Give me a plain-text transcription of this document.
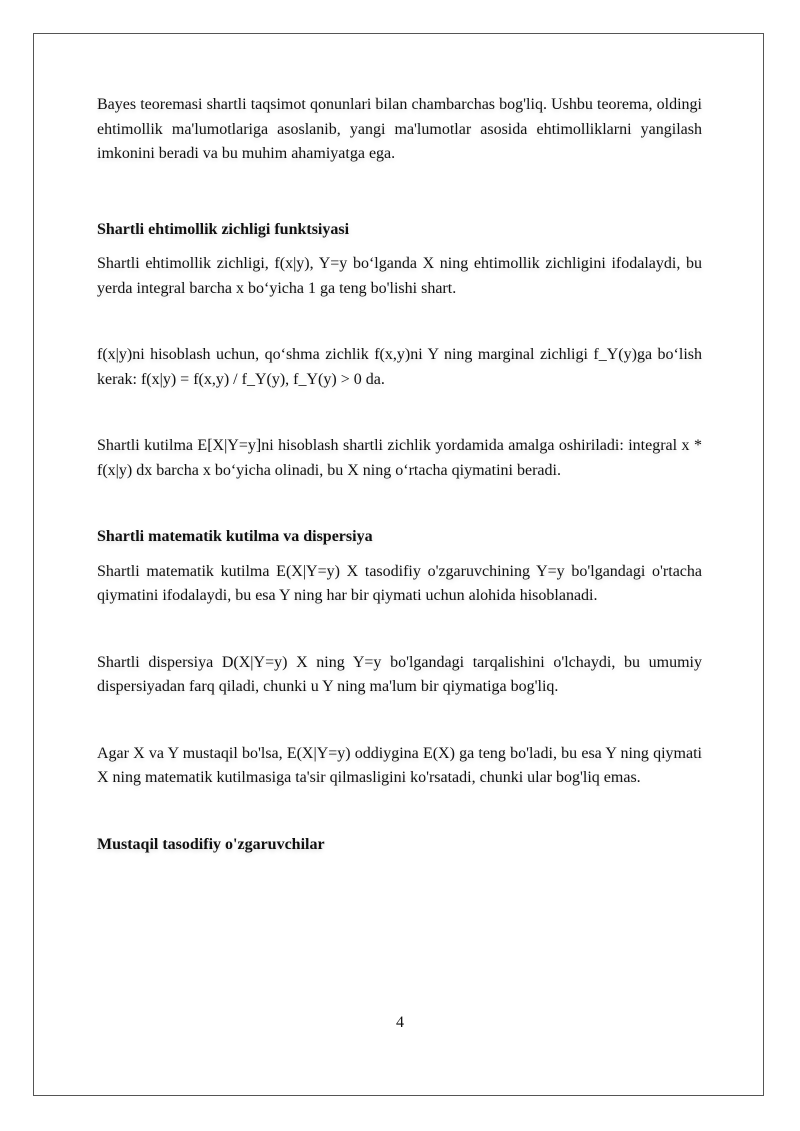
Bayes teoremasi shartli taqsimot qonunlari bilan chambarchas bog'liq. Ushbu teorema, oldingi ehtimollik ma'lumotlariga asoslanib, yangi ma'lumotlar asosida ehtimolliklarni yangilash imkonini beradi va bu muhim ahamiyatga ega.

Shartli ehtimollik zichligi funktsiyasi

Shartli ehtimollik zichligi, f(x|y), Y=y bo‘lganda X ning ehtimollik zichligini ifodalaydi, bu yerda integral barcha x bo‘yicha 1 ga teng bo'lishi shart.

f(x|y)ni hisoblash uchun, qo‘shma zichlik f(x,y)ni Y ning marginal zichligi f_Y(y)ga bo‘lish kerak: f(x|y) = f(x,y) / f_Y(y), f_Y(y) > 0 da.

Shartli kutilma E[X|Y=y]ni hisoblash shartli zichlik yordamida amalga oshiriladi: integral x * f(x|y) dx barcha x bo‘yicha olinadi, bu X ning o‘rtacha qiymatini beradi.

Shartli matematik kutilma va dispersiya

Shartli matematik kutilma E(X|Y=y) X tasodifiy o'zgaruvchining Y=y bo'lgandagi o'rtacha qiymatini ifodalaydi, bu esa Y ning har bir qiymati uchun alohida hisoblanadi.

Shartli dispersiya D(X|Y=y) X ning Y=y bo'lgandagi tarqalishini o'lchaydi, bu umumiy dispersiyadan farq qiladi, chunki u Y ning ma'lum bir qiymatiga bog'liq.

Agar X va Y mustaqil bo'lsa, E(X|Y=y) oddiygina E(X) ga teng bo'ladi, bu esa Y ning qiymati X ning matematik kutilmasiga ta'sir qilmasligini ko'rsatadi, chunki ular bog'liq emas.

Mustaqil tasodifiy o'zgaruvchilar

4
